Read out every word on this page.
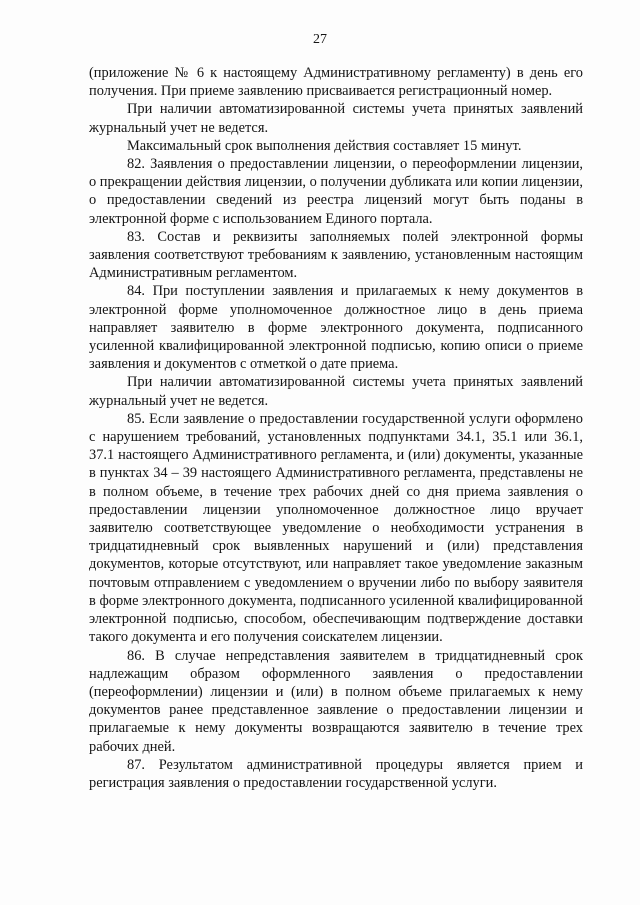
27

(приложение № 6 к настоящему Административному регламенту) в день его получения. При приеме заявлению присваивается регистрационный номер.

При наличии автоматизированной системы учета принятых заявлений журнальный учет не ведется.

Максимальный срок выполнения действия составляет 15 минут.

82. Заявления о предоставлении лицензии, о переоформлении лицензии, о прекращении действия лицензии, о получении дубликата или копии лицензии, о предоставлении сведений из реестра лицензий могут быть поданы в электронной форме с использованием Единого портала.

83. Состав и реквизиты заполняемых полей электронной формы заявления соответствуют требованиям к заявлению, установленным настоящим Административным регламентом.

84. При поступлении заявления и прилагаемых к нему документов в электронной форме уполномоченное должностное лицо в день приема направляет заявителю в форме электронного документа, подписанного усиленной квалифицированной электронной подписью, копию описи о приеме заявления и документов с отметкой о дате приема.

При наличии автоматизированной системы учета принятых заявлений журнальный учет не ведется.

85. Если заявление о предоставлении государственной услуги оформлено с нарушением требований, установленных подпунктами 34.1, 35.1 или 36.1, 37.1 настоящего Административного регламента, и (или) документы, указанные в пунктах 34 – 39 настоящего Административного регламента, представлены не в полном объеме, в течение трех рабочих дней со дня приема заявления о предоставлении лицензии уполномоченное должностное лицо вручает заявителю соответствующее уведомление о необходимости устранения в тридцатидневный срок выявленных нарушений и (или) представления документов, которые отсутствуют, или направляет такое уведомление заказным почтовым отправлением с уведомлением о вручении либо по выбору заявителя в форме электронного документа, подписанного усиленной квалифицированной электронной подписью, способом, обеспечивающим подтверждение доставки такого документа и его получения соискателем лицензии.

86. В случае непредставления заявителем в тридцатидневный срок надлежащим образом оформленного заявления о предоставлении (переоформлении) лицензии и (или) в полном объеме прилагаемых к нему документов ранее представленное заявление о предоставлении лицензии и прилагаемые к нему документы возвращаются заявителю в течение трех рабочих дней.

87. Результатом административной процедуры является прием и регистрация заявления о предоставлении государственной услуги.
